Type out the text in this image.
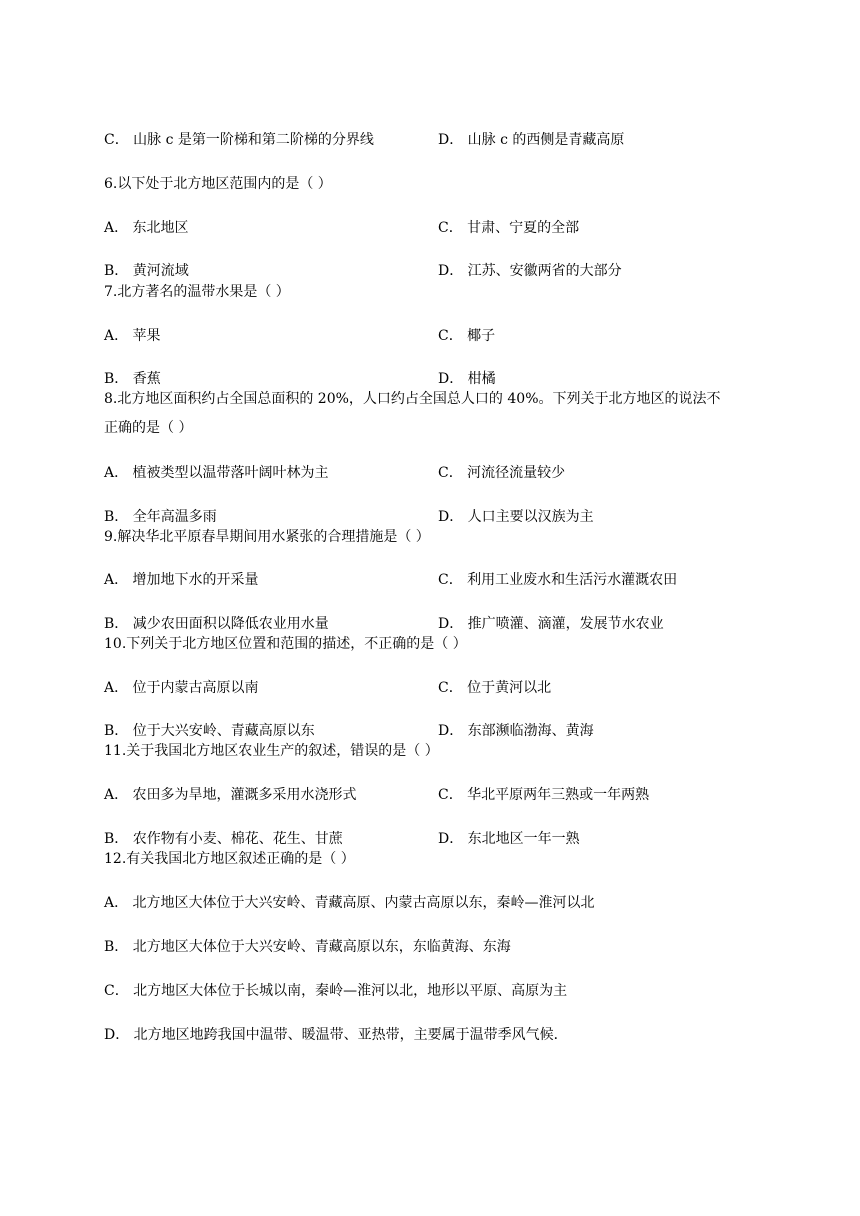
C． 山脉 c 是第一阶梯和第二阶梯的分界线	D． 山脉 c 的西侧是青藏高原
6.以下处于北方地区范围内的是（ ）
A． 东北地区	C． 甘肃、宁夏的全部
B． 黄河流域	D． 江苏、安徽两省的大部分
7.北方著名的温带水果是（ ）
A． 苹果	C． 椰子
B． 香蕉	D． 柑橘
8.北方地区面积约占全国总面积的 20%，人口约占全国总人口的 40%。下列关于北方地区的说法不
正确的是（ ）
A． 植被类型以温带落叶阔叶林为主	C． 河流径流量较少
B． 全年高温多雨	D． 人口主要以汉族为主
9.解决华北平原春旱期间用水紧张的合理措施是（ ）
A． 增加地下水的开采量	C． 利用工业废水和生活污水灌溉农田
B． 减少农田面积以降低农业用水量	D． 推广喷灌、滴灌，发展节水农业
10.下列关于北方地区位置和范围的描述，不正确的是（ ）
A． 位于内蒙古高原以南	C． 位于黄河以北
B． 位于大兴安岭、青藏高原以东	D． 东部濒临渤海、黄海
11.关于我国北方地区农业生产的叙述，错误的是（ ）
A． 农田多为旱地，灌溉多采用水浇形式	C． 华北平原两年三熟或一年两熟
B． 农作物有小麦、棉花、花生、甘蔗	D． 东北地区一年一熟
12.有关我国北方地区叙述正确的是（ ）
A． 北方地区大体位于大兴安岭、青藏高原、内蒙古高原以东，秦岭—淮河以北
B． 北方地区大体位于大兴安岭、青藏高原以东，东临黄海、东海
C． 北方地区大体位于长城以南，秦岭—淮河以北，地形以平原、高原为主
D． 北方地区地跨我国中温带、暖温带、亚热带，主要属于温带季风气候．
